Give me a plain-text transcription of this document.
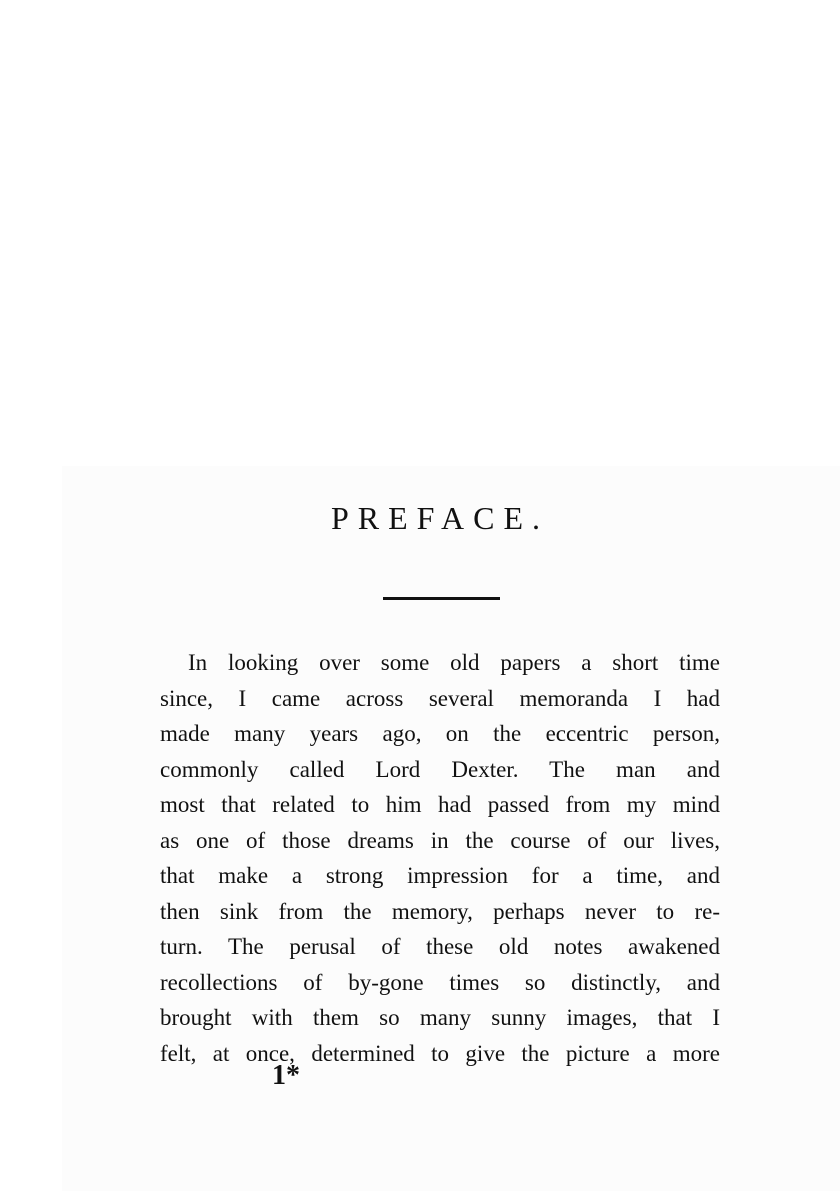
PREFACE.
In looking over some old papers a short time
since, I came across several memoranda I had
made many years ago, on the eccentric person,
commonly called Lord Dexter. The man and
most that related to him had passed from my mind
as one of those dreams in the course of our lives,
that make a strong impression for a time, and
then sink from the memory, perhaps never to re-
turn. The perusal of these old notes awakened
recollections of by-gone times so distinctly, and
brought with them so many sunny images, that I
felt, at once, determined to give the picture a more
1*
